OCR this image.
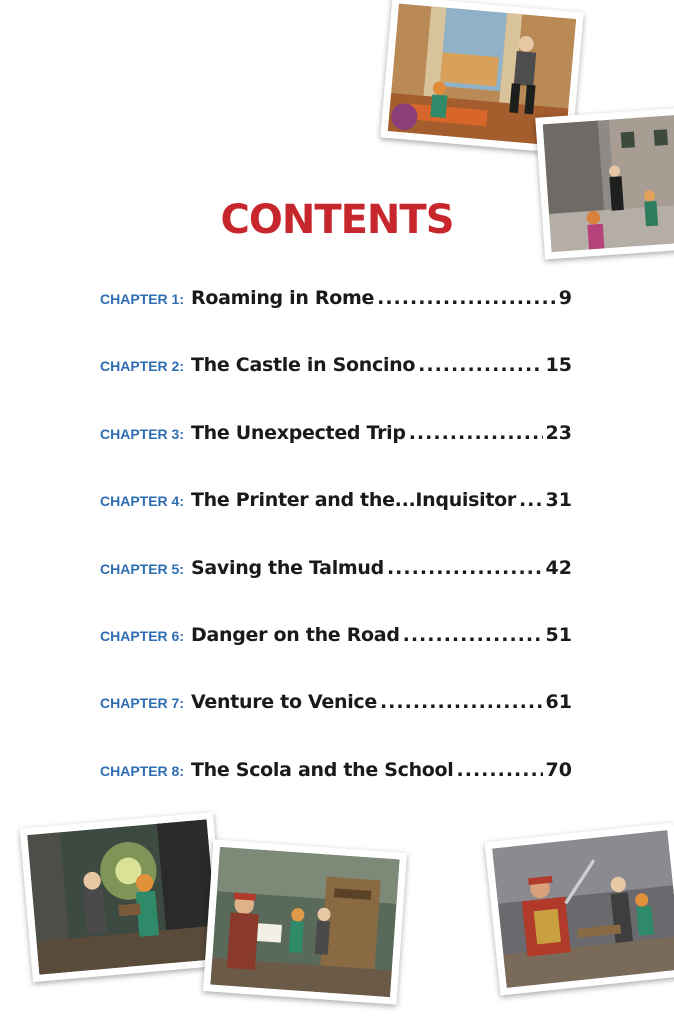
CONTENTS
CHAPTER 1: Roaming in Rome .....	9
CHAPTER 2: The Castle in Soncino .....	15
CHAPTER 3: The Unexpected Trip .....	23
CHAPTER 4: The Printer and the...Inquisitor ..... 31
CHAPTER 5: Saving the Talmud .....	42
CHAPTER 6: Danger on the Road .....	51
CHAPTER 7: Venture to Venice .....	61
CHAPTER 8: The Scola and the School .....	70
